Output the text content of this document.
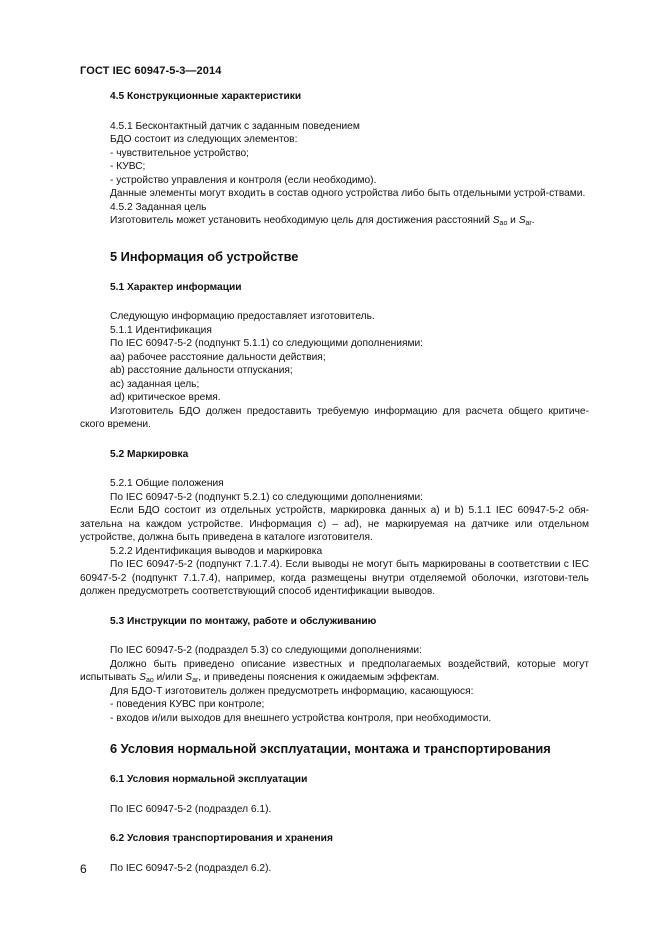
ГОСТ IEC 60947-5-3—2014
4.5 Конструкционные характеристики

4.5.1 Бесконтактный датчик с заданным поведением

БДО состоит из следующих элементов:

- чувствительное устройство;

- КУВС;

- устройство управления и контроля (если необходимо).

Данные элементы могут входить в состав одного устройства либо быть отдельными устрой-ствами.

4.5.2 Заданная цель

Изготовитель может установить необходимую цель для достижения расстояний $S_{ao}$ и $S_{ar}$.

5 Информация об устройстве
5.1 Характер информации

Следующую информацию предоставляет изготовитель.

5.1.1 Идентификация

По IEC 60947-5-2 (подпункт 5.1.1) со следующими дополнениями:

aa) рабочее расстояние дальности действия;

ab) расстояние дальности отпускания;

ac) заданная цель;

ad) критическое время.

Изготовитель БДО должен предоставить требуемую информацию для расчета общего критиче-ского времени.

5.2 Маркировка

5.2.1 Общие положения

По IEC 60947-5-2 (подпункт 5.2.1) со следующими дополнениями:

Если БДО состоит из отдельных устройств, маркировка данных a) и b) 5.1.1 IEC 60947-5-2 обя-зательна на каждом устройстве. Информация c) – ad), не маркируемая на датчике или отдельном устройстве, должна быть приведена в каталоге изготовителя.

5.2.2 Идентификация выводов и маркировка

По IEC 60947-5-2 (подпункт 7.1.7.4). Если выводы не могут быть маркированы в соответствии с IEC 60947-5-2 (подпункт 7.1.7.4), например, когда размещены внутри отделяемой оболочки, изготови-тель должен предусмотреть соответствующий способ идентификации выводов.

5.3 Инструкции по монтажу, работе и обслуживанию

По IEC 60947-5-2 (подраздел 5.3) со следующими дополнениями:

Должно быть приведено описание известных и предполагаемых воздействий, которые могут испытывать $S_{ao}$ и/или $S_{ar}$, и приведены пояснения к ожидаемым эффектам.

Для БДО-Т изготовитель должен предусмотреть информацию, касающуюся:

- поведения КУВС при контроле;

- входов и/или выходов для внешнего устройства контроля, при необходимости.

6 Условия нормальной эксплуатации, монтажа и транспортирования
6.1 Условия нормальной эксплуатации

По IEC 60947-5-2 (подраздел 6.1).

6.2 Условия транспортирования и хранения

По IEC 60947-5-2 (подраздел 6.2).

6
